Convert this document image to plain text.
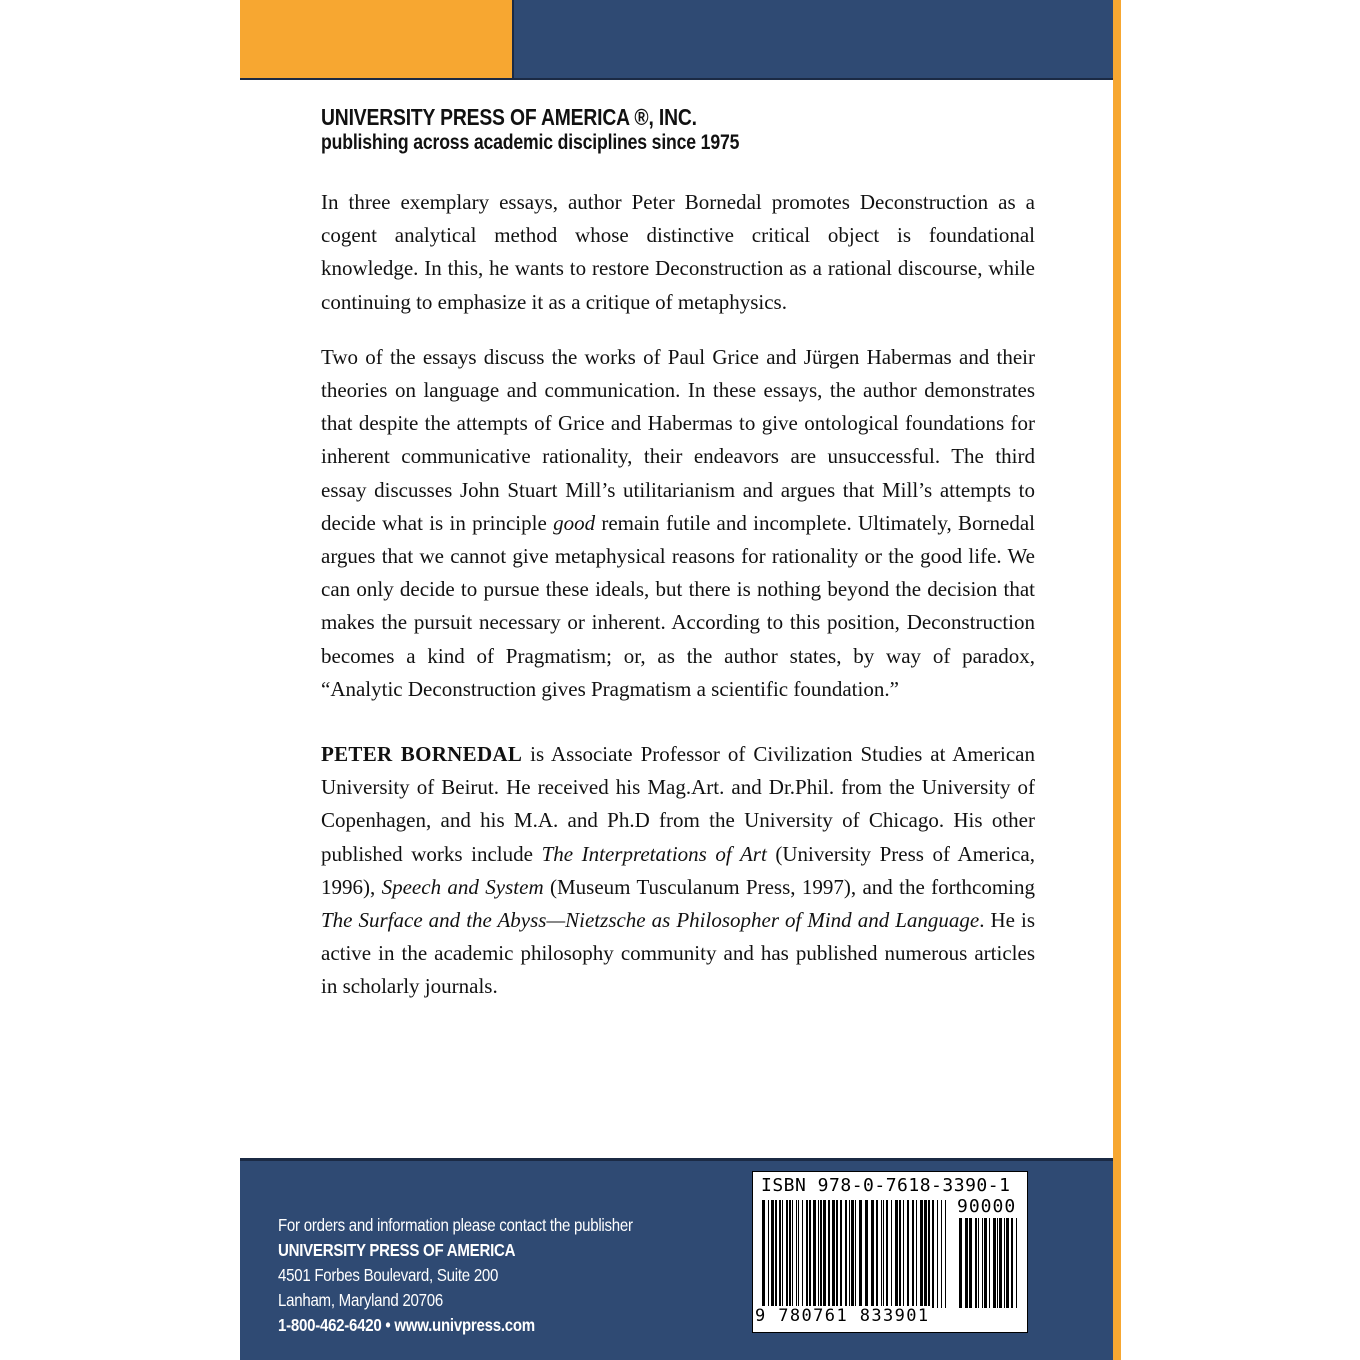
UNIVERSITY PRESS OF AMERICA ®, INC.
publishing across academic disciplines since 1975

In three exemplary essays, author Peter Bornedal promotes Deconstruction as a cogent analytical method whose distinctive critical object is foundational knowledge. In this, he wants to restore Deconstruction as a rational discourse, while continuing to emphasize it as a critique of metaphysics.

Two of the essays discuss the works of Paul Grice and Jürgen Habermas and their theories on language and communication. In these essays, the author demonstrates that despite the attempts of Grice and Habermas to give ontological foundations for inherent communicative rationality, their endeavors are unsuccessful. The third essay discusses John Stuart Mill’s utilitarianism and argues that Mill’s attempts to decide what is in principle good remain futile and incomplete. Ultimately, Bornedal argues that we cannot give metaphysical reasons for rationality or the good life. We can only decide to pursue these ideals, but there is nothing beyond the decision that makes the pursuit necessary or inherent. According to this position, Deconstruction becomes a kind of Pragmatism; or, as the author states, by way of paradox, “Analytic Deconstruction gives Pragmatism a scientific foundation.”

PETER BORNEDAL is Associate Professor of Civilization Studies at American University of Beirut. He received his Mag.Art. and Dr.Phil. from the University of Copenhagen, and his M.A. and Ph.D from the University of Chicago. His other published works include The Interpretations of Art (University Press of America, 1996), Speech and System (Museum Tusculanum Press, 1997), and the forthcoming The Surface and the Abyss—Nietzsche as Philosopher of Mind and Language. He is active in the academic philosophy community and has published numerous articles in scholarly journals.

For orders and information please contact the publisher
UNIVERSITY PRESS OF AMERICA
4501 Forbes Boulevard, Suite 200
Lanham, Maryland 20706
1-800-462-6420 • www.univpress.com
ISBN 978-0-7618-3390-1
90000
9 780761 833901
